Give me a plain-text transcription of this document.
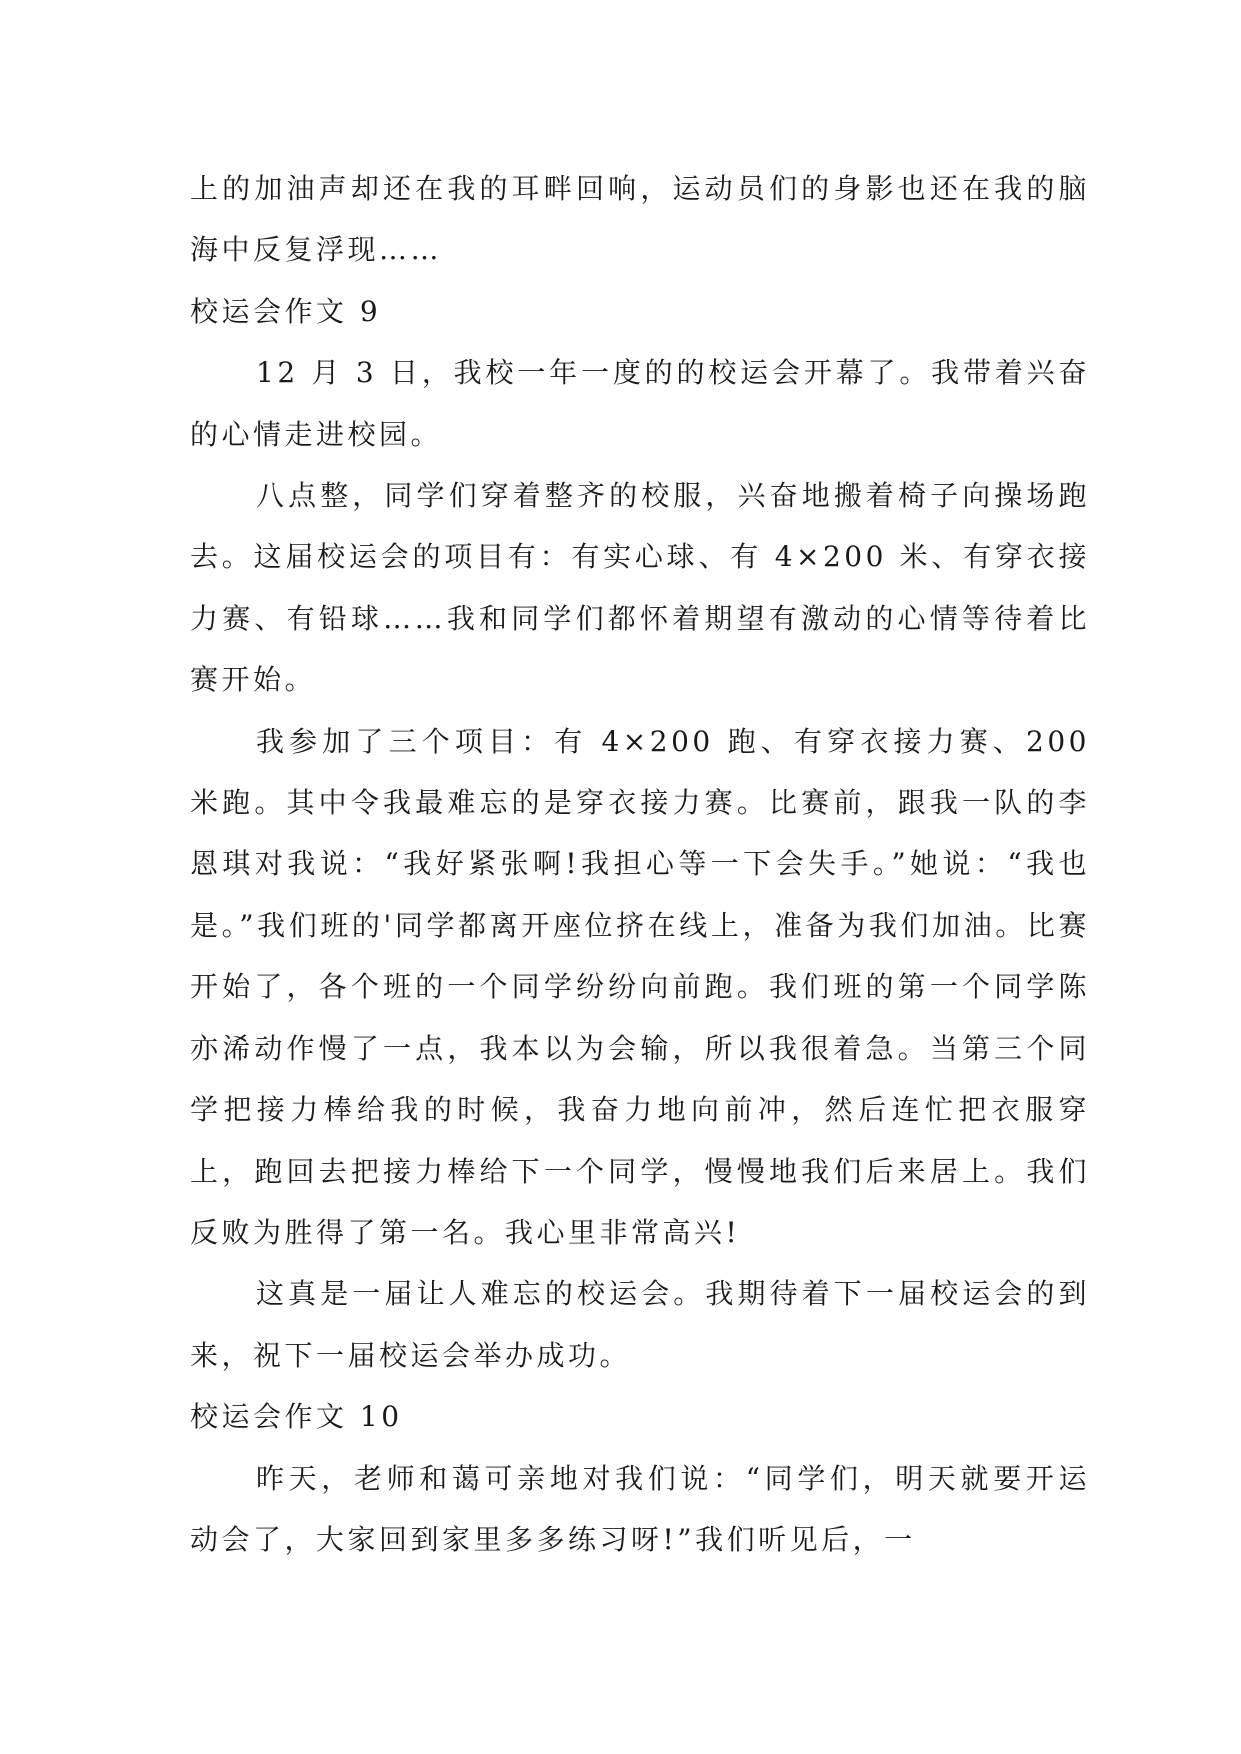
上的加油声却还在我的耳畔回响，运动员们的身影也还在我的脑海中反复浮现……

校运会作文 9

12 月 3 日，我校一年一度的的校运会开幕了。我带着兴奋的心情走进校园。

八点整，同学们穿着整齐的校服，兴奋地搬着椅子向操场跑去。这届校运会的项目有：有实心球、有 4×200 米、有穿衣接力赛、有铅球……我和同学们都怀着期望有激动的心情等待着比赛开始。

我参加了三个项目：有 4×200 跑、有穿衣接力赛、200 米跑。其中令我最难忘的是穿衣接力赛。比赛前，跟我一队的李恩琪对我说：“我好紧张啊!我担心等一下会失手。”她说：“我也是。”我们班的'同学都离开座位挤在线上，准备为我们加油。比赛开始了，各个班的一个同学纷纷向前跑。我们班的第一个同学陈亦浠动作慢了一点，我本以为会输，所以我很着急。当第三个同学把接力棒给我的时候，我奋力地向前冲，然后连忙把衣服穿上，跑回去把接力棒给下一个同学，慢慢地我们后来居上。我们反败为胜得了第一名。我心里非常高兴!

这真是一届让人难忘的校运会。我期待着下一届校运会的到来，祝下一届校运会举办成功。

校运会作文 10

昨天，老师和蔼可亲地对我们说：“同学们，明天就要开运动会了，大家回到家里多多练习呀!”我们听见后，一
